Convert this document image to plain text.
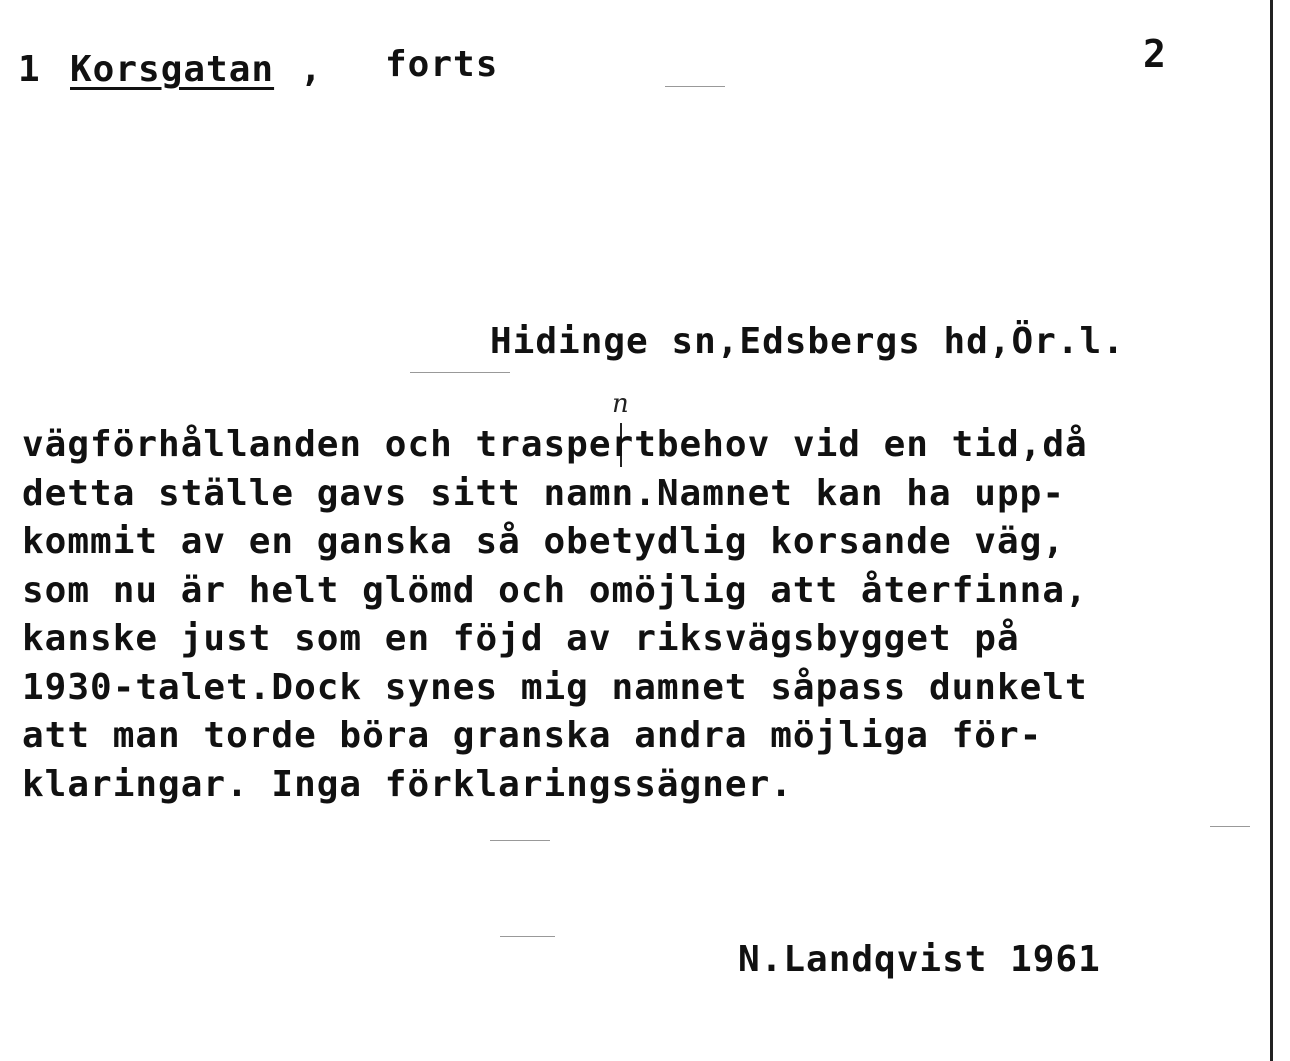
1 Korsgatan , forts	2
Hidinge sn,Edsbergs hd,Ör.l.
n
vägförhållanden och traspertbehov vid en tid,då
detta ställe gavs sitt namn.Namnet kan ha upp-
kommit av en ganska så obetydlig korsande väg,
som nu är helt glömd och omöjlig att återfinna,
kanske just som en föjd av riksvägsbygget på
1930-talet.Dock synes mig namnet såpass dunkelt
att man torde böra granska andra möjliga för-
klaringar. Inga förklaringssägner.
N.Landqvist 1961
